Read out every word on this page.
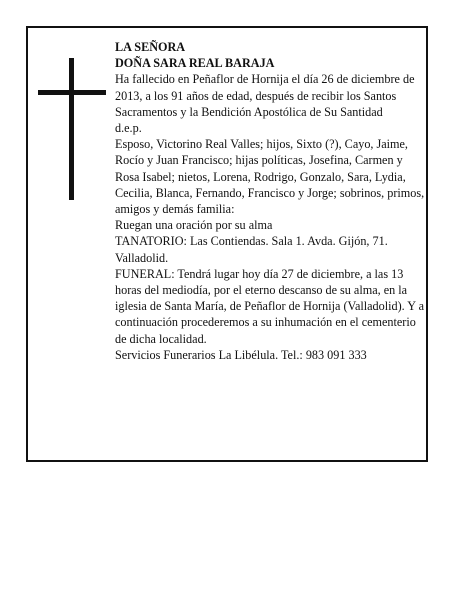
LA SEÑORA

DOÑA SARA REAL BARAJA

Ha fallecido en Peñaflor de Hornija el día 26 de diciembre de 2013, a los 91 años de edad, después de recibir los Santos Sacramentos y la Bendición Apostólica de Su Santidad

d.e.p.

Esposo, Victorino Real Valles; hijos, Sixto (?), Cayo, Jaime, Rocío y Juan Francisco; hijas políticas, Josefina, Carmen y Rosa Isabel; nietos, Lorena, Rodrigo, Gonzalo, Sara, Lydia, Cecilia, Blanca, Fernando, Francisco y Jorge; sobrinos, primos, amigos y demás familia:

Ruegan una oración por su alma

TANATORIO: Las Contiendas. Sala 1. Avda. Gijón, 71. Valladolid.

FUNERAL: Tendrá lugar hoy día 27 de diciembre, a las 13 horas del mediodía, por el eterno descanso de su alma, en la iglesia de Santa María, de Peñaflor de Hornija (Valladolid). Y a continuación procederemos a su inhumación en el cementerio de dicha localidad.

Servicios Funerarios La Libélula. Tel.: 983 091 333
